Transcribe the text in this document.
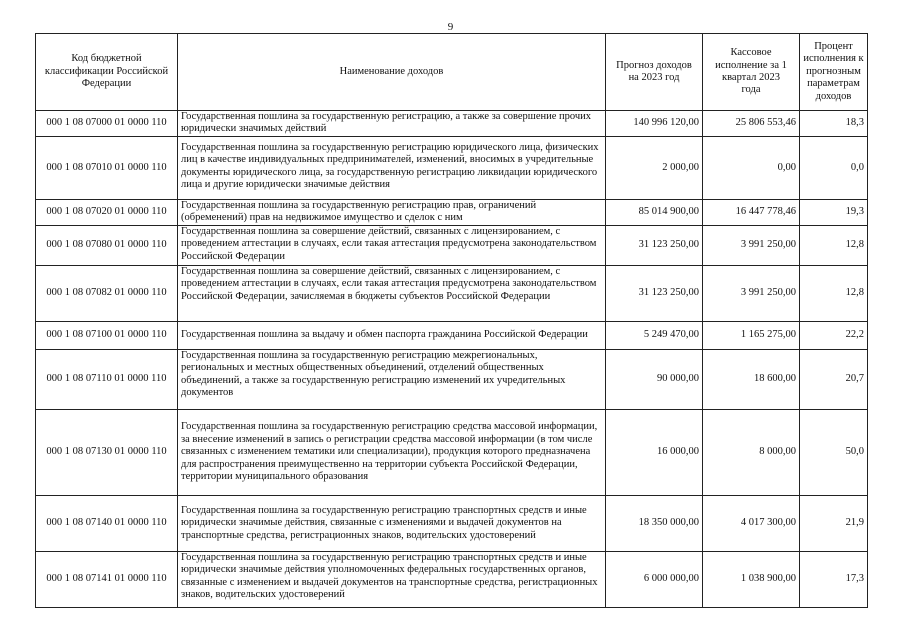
9
Код бюджетной классификации Российской Федерации	Наименование доходов	Прогноз доходов на 2023 год	Кассовое исполнение за 1 квартал 2023 года	Процент исполнения к прогнозным параметрам доходов
000 1 08 07000 01 0000 110	Государственная пошлина за государственную регистрацию, а также за совершение прочих юридически значимых действий	140 996 120,00	25 806 553,46	18,3
000 1 08 07010 01 0000 110	Государственная пошлина за государственную регистрацию юридического лица, физических лиц в качестве индивидуальных предпринимателей, изменений, вносимых в учредительные документы юридического лица, за государственную регистрацию ликвидации юридического лица и другие юридически значимые действия	2 000,00	0,00	0,0
000 1 08 07020 01 0000 110	Государственная пошлина за государственную регистрацию прав, ограничений (обременений) прав на недвижимое имущество и сделок с ним	85 014 900,00	16 447 778,46	19,3
000 1 08 07080 01 0000 110	Государственная пошлина за совершение действий, связанных с лицензированием, с проведением аттестации в случаях, если такая аттестация предусмотрена законодательством Российской Федерации	31 123 250,00	3 991 250,00	12,8
000 1 08 07082 01 0000 110	Государственная пошлина за совершение действий, связанных с лицензированием, с проведением аттестации в случаях, если такая аттестация предусмотрена законодательством Российской Федерации, зачисляемая в бюджеты субъектов Российской Федерации	31 123 250,00	3 991 250,00	12,8
000 1 08 07100 01 0000 110	Государственная пошлина за выдачу и обмен паспорта гражданина Российской Федерации	5 249 470,00	1 165 275,00	22,2
000 1 08 07110 01 0000 110	Государственная пошлина за государственную регистрацию межрегиональных, региональных и местных общественных объединений, отделений общественных объединений, а также за государственную регистрацию изменений их учредительных документов	90 000,00	18 600,00	20,7
000 1 08 07130 01 0000 110	Государственная пошлина за государственную регистрацию средства массовой информации, за внесение изменений в запись о регистрации средства массовой информации (в том числе связанных с изменением тематики или специализации), продукция которого предназначена для распространения преимущественно на территории субъекта Российской Федерации, территории муниципального образования	16 000,00	8 000,00	50,0
000 1 08 07140 01 0000 110	Государственная пошлина за государственную регистрацию транспортных средств и иные юридически значимые действия, связанные с изменениями и выдачей документов на транспортные средства, регистрационных знаков, водительских удостоверений	18 350 000,00	4 017 300,00	21,9
000 1 08 07141 01 0000 110	Государственная пошлина за государственную регистрацию транспортных средств и иные юридически значимые действия уполномоченных федеральных государственных органов, связанные с изменением и выдачей документов на транспортные средства, регистрационных знаков, водительских удостоверений	6 000 000,00	1 038 900,00	17,3
